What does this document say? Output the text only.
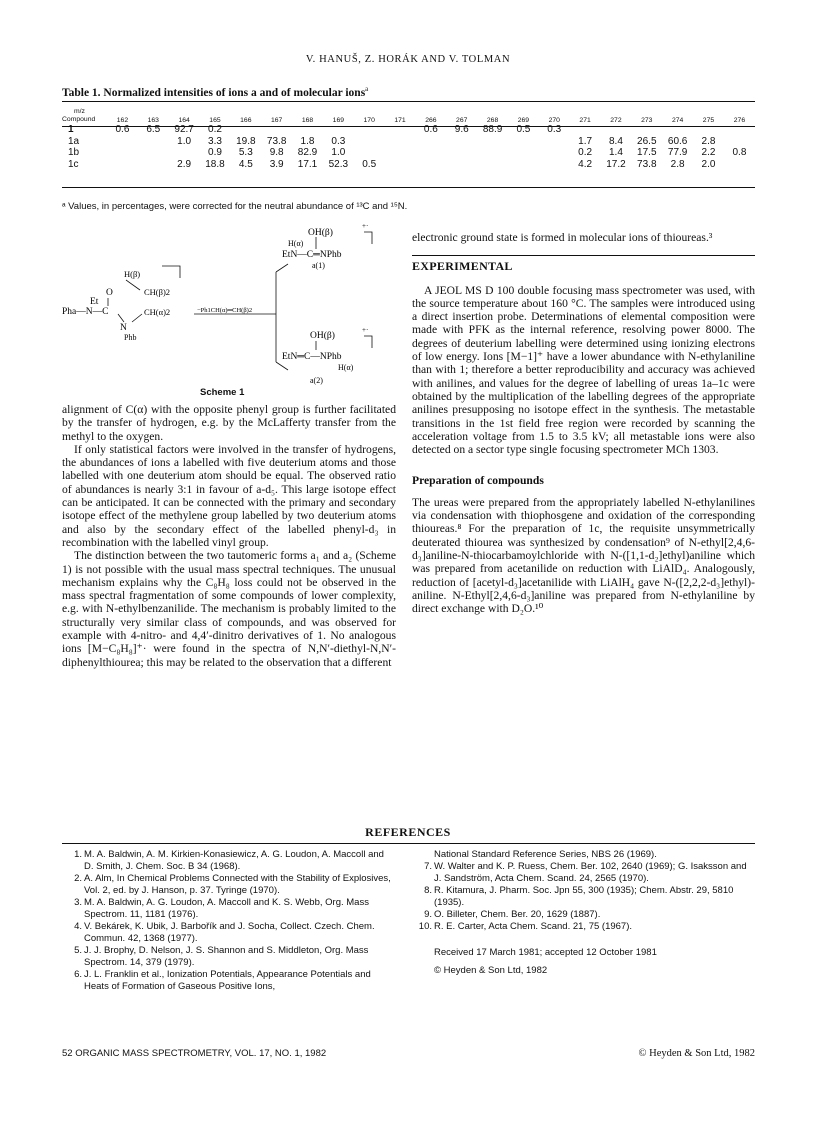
V. HANUŠ, Z. HORÁK AND V. TOLMAN
Table 1. Normalized intensities of ions a and of molecular ions$^a$
m/z
Compound	162	163	164	165	166	167	168	169	170	171	266	267	268	269	270	271	272	273	274	275	276
1	0.6	6.5	92.7	0.2							0.6	9.6	88.9	0.5	0.3						
1a			1.0	3.3	19.8	73.8	1.8	0.3								1.7	8.4	26.5	60.6	2.8	
1b				0.9	5.3	9.8	82.9	1.0								0.2	1.4	17.5	77.9	2.2	0.8
1c			2.9	18.8	4.5	3.9	17.1	52.3	0.5							4.2	17.2	73.8	2.8	2.0	
ᵃ Values, in percentages, were corrected for the neutral abundance of ¹³C and ¹⁵N.
OH(β)
H(α)
EtN—C═NPhb
a(1)
+·
H(β)
O
Et
Pha—N—C
CH(β)2
CH(α)2
N
Phb
−Ph1CH(α)═CH(β)2
OH(β)
EtN═C—NPhb
H(α)
a(2)
+·
Scheme 1

alignment of C(α) with the opposite phenyl group is further facilitated by the transfer of hydrogen, e.g. by the McLafferty transfer from the methyl to the oxygen.

If only statistical factors were involved in the transfer of hydrogens, the abundances of ions a labelled with five deuterium atoms and those labelled with one deuterium atom should be equal. The observed ratio of abundances is nearly 3:1 in favour of a-d₅. This large isotope effect can be anticipated. It can be connected with the primary and secondary isotope effect of the methylene group labelled by two deuterium atoms and also by the secondary effect of the labelled phenyl-d₃ in recombination with the labelled vinyl group.

The distinction between the two tautomeric forms a₁ and a₂ (Scheme 1) is not possible with the usual mass spectral techniques. The unusual mechanism explains why the C₈H₈ loss could not be observed in the mass spectral fragmentation of some compounds of lower complexity, e.g. with N-ethylbenzanilide. The mechanism is probably limited to the structurally very similar class of compounds, and was observed for example with 4-nitro- and 4,4′-dinitro derivatives of 1. No analogous ions [M−C₈H₈]⁺· were found in the spectra of N,N′-diethyl-N,N′-diphenylthiourea; this may be related to the observation that a different

electronic ground state is formed in molecular ions of thioureas.³

EXPERIMENTAL

A JEOL MS D 100 double focusing mass spectrometer was used, with the source temperature about 160 °C. The samples were introduced using a direct insertion probe. Determinations of elemental composition were made with PFK as the internal reference, resolving power 8000. The degrees of deuterium labelling were determined using ionizing electrons of low energy. Ions [M−1]⁺ have a lower abundance with N-ethylaniline than with 1; therefore a better reproducibility and accuracy was achieved with anilines, and values for the degree of labelling of ureas 1a–1c were obtained by the multiplication of the labelling degrees of the appropriate anilines presupposing no isotope effect in the synthesis. The metastable transitions in the 1st field free region were recorded by scanning the acceleration voltage from 1.5 to 3.5 kV; all metastable ions were also detected on a sector type single focusing spectrometer MCh 1303.

Preparation of compounds

The ureas were prepared from the appropriately labelled N-ethylanilines via condensation with thiophosgene and oxidation of the corresponding thioureas.⁸ For the preparation of 1c, the requisite unsymmetrically deuterated thiourea was synthesized by condensation⁹ of N-ethyl[2,4,6-d₃]aniline-N-thiocarbamoylchloride with N-([1,1-d₂]ethyl)aniline which was prepared from acetanilide on reduction with LiAlD₄. Analogously, reduction of [acetyl-d₃]acetanilide with LiAlH₄ gave N-([2,2,2-d₃]ethyl)-aniline. N-Ethyl[2,4,6-d₃]aniline was prepared from N-ethylaniline by direct exchange with D₂O.¹⁰

REFERENCES

1. M. A. Baldwin, A. M. Kirkien-Konasiewicz, A. G. Loudon, A. Maccoll and D. Smith, J. Chem. Soc. B 34 (1968).

2. A. Alm, In Chemical Problems Connected with the Stability of Explosives, Vol. 2, ed. by J. Hanson, p. 37. Tyringe (1970).

3. M. A. Baldwin, A. G. Loudon, A. Maccoll and K. S. Webb, Org. Mass Spectrom. 11, 1181 (1976).

4. V. Bekárek, K. Ubik, J. Barbořík and J. Socha, Collect. Czech. Chem. Commun. 42, 1368 (1977).

5. J. J. Brophy, D. Nelson, J. S. Shannon and S. Middleton, Org. Mass Spectrom. 14, 379 (1979).

6. J. L. Franklin et al., Ionization Potentials, Appearance Potentials and Heats of Formation of Gaseous Positive Ions,

National Standard Reference Series, NBS 26 (1969).

7. W. Walter and K. P. Ruess, Chem. Ber. 102, 2640 (1969); G. Isaksson and J. Sandström, Acta Chem. Scand. 24, 2565 (1970).

8. R. Kitamura, J. Pharm. Soc. Jpn 55, 300 (1935); Chem. Abstr. 29, 5810 (1935).

9. O. Billeter, Chem. Ber. 20, 1629 (1887).

10. R. E. Carter, Acta Chem. Scand. 21, 75 (1967).

Received 17 March 1981; accepted 12 October 1981
© Heyden & Son Ltd, 1982
52 ORGANIC MASS SPECTROMETRY, VOL. 17, NO. 1, 1982	© Heyden & Son Ltd, 1982
